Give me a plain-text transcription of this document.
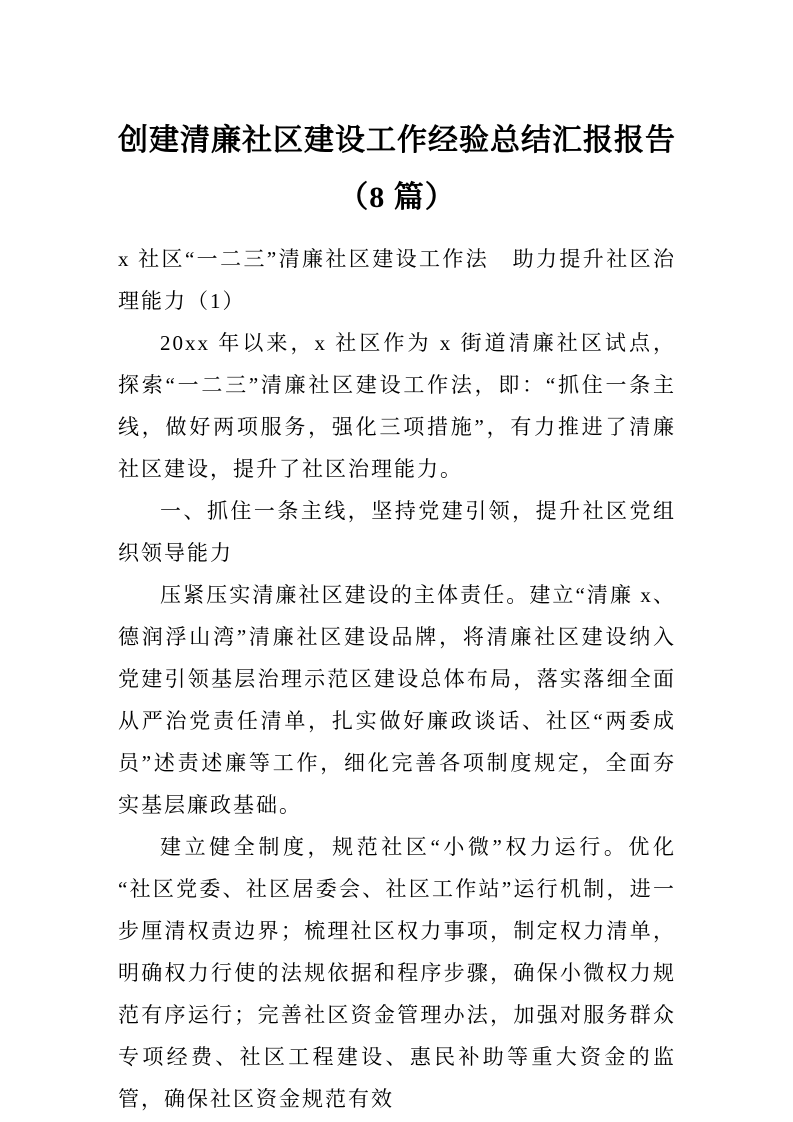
创建清廉社区建设工作经验总结汇报报告
（8 篇）

x 社区“一二三”清廉社区建设工作法　助力提升社区治理能力（1）

20xx 年以来，x 社区作为 x 街道清廉社区试点，探索“一二三”清廉社区建设工作法，即：“抓住一条主线，做好两项服务，强化三项措施”，有力推进了清廉社区建设，提升了社区治理能力。

一、抓住一条主线，坚持党建引领，提升社区党组织领导能力

压紧压实清廉社区建设的主体责任。建立“清廉 x、德润浮山湾”清廉社区建设品牌，将清廉社区建设纳入党建引领基层治理示范区建设总体布局，落实落细全面从严治党责任清单，扎实做好廉政谈话、社区“两委成员”述责述廉等工作，细化完善各项制度规定，全面夯实基层廉政基础。

建立健全制度，规范社区“小微”权力运行。优化“社区党委、社区居委会、社区工作站”运行机制，进一步厘清权责边界；梳理社区权力事项，制定权力清单，明确权力行使的法规依据和程序步骤，确保小微权力规范有序运行；完善社区资金管理办法，加强对服务群众专项经费、社区工程建设、惠民补助等重大资金的监管，确保社区资金规范有效
